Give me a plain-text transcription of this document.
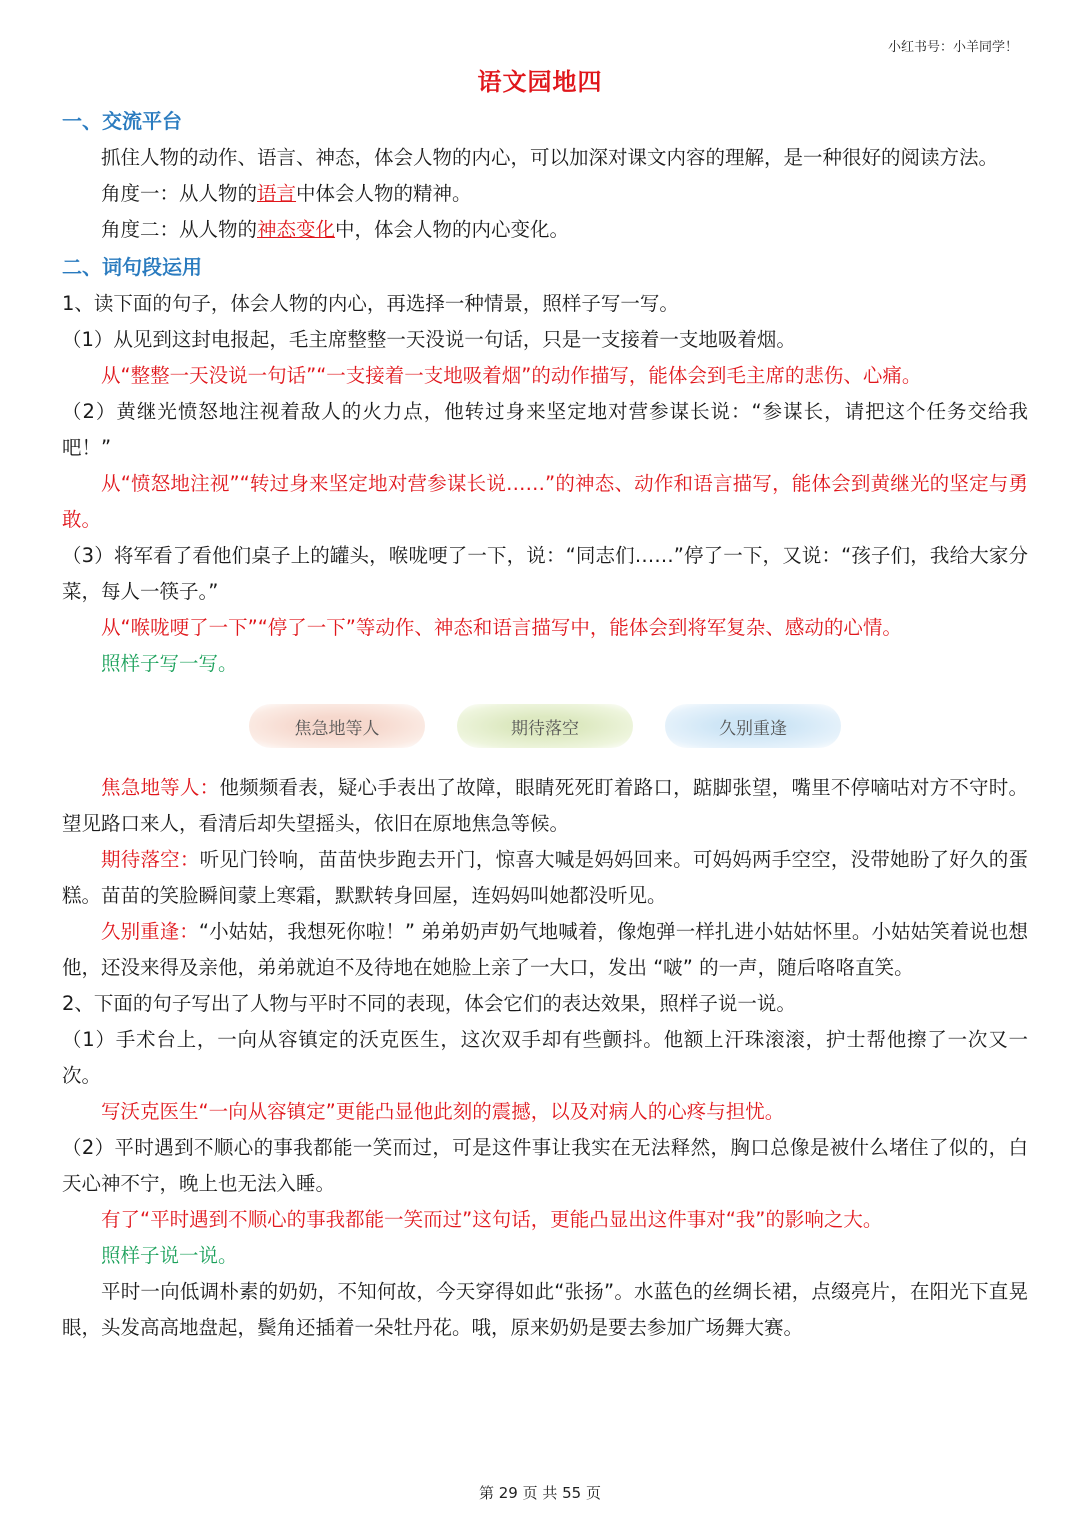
小红书号：小羊同学！
语文园地四
一、交流平台

抓住人物的动作、语言、神态，体会人物的内心，可以加深对课文内容的理解，是一种很好的阅读方法。

角度一：从人物的语言中体会人物的精神。

角度二：从人物的神态变化中，体会人物的内心变化。

二、词句段运用

1、读下面的句子，体会人物的内心，再选择一种情景，照样子写一写。

（1）从见到这封电报起，毛主席整整一天没说一句话，只是一支接着一支地吸着烟。

从“整整一天没说一句话”“一支接着一支地吸着烟”的动作描写，能体会到毛主席的悲伤、心痛。

（2）黄继光愤怒地注视着敌人的火力点，他转过身来坚定地对营参谋长说：“参谋长，请把这个任务交给我吧！”

从“愤怒地注视”“转过身来坚定地对营参谋长说……”的神态、动作和语言描写，能体会到黄继光的坚定与勇敢。

（3）将军看了看他们桌子上的罐头，喉咙哽了一下，说：“同志们……”停了一下，又说：“孩子们，我给大家分菜，每人一筷子。”

从“喉咙哽了一下”“停了一下”等动作、神态和语言描写中，能体会到将军复杂、感动的心情。

照样子写一写。

焦急地等人	期待落空	久别重逢

焦急地等人：他频频看表，疑心手表出了故障，眼睛死死盯着路口，踮脚张望，嘴里不停嘀咕对方不守时。望见路口来人，看清后却失望摇头，依旧在原地焦急等候。

期待落空：听见门铃响，苗苗快步跑去开门，惊喜大喊是妈妈回来。可妈妈两手空空，没带她盼了好久的蛋糕。苗苗的笑脸瞬间蒙上寒霜，默默转身回屋，连妈妈叫她都没听见。

久别重逢：“小姑姑，我想死你啦！” 弟弟奶声奶气地喊着，像炮弹一样扎进小姑姑怀里。小姑姑笑着说也想他，还没来得及亲他，弟弟就迫不及待地在她脸上亲了一大口，发出 “啵” 的一声，随后咯咯直笑。

2、下面的句子写出了人物与平时不同的表现，体会它们的表达效果，照样子说一说。

（1）手术台上，一向从容镇定的沃克医生，这次双手却有些颤抖。他额上汗珠滚滚，护士帮他擦了一次又一次。

写沃克医生“一向从容镇定”更能凸显他此刻的震撼，以及对病人的心疼与担忧。

（2）平时遇到不顺心的事我都能一笑而过，可是这件事让我实在无法释然，胸口总像是被什么堵住了似的，白天心神不宁，晚上也无法入睡。

有了“平时遇到不顺心的事我都能一笑而过”这句话，更能凸显出这件事对“我”的影响之大。

照样子说一说。

平时一向低调朴素的奶奶，不知何故，今天穿得如此“张扬”。水蓝色的丝绸长裙，点缀亮片，在阳光下直晃眼，头发高高地盘起，鬓角还插着一朵牡丹花。哦，原来奶奶是要去参加广场舞大赛。

第 29 页 共 55 页
